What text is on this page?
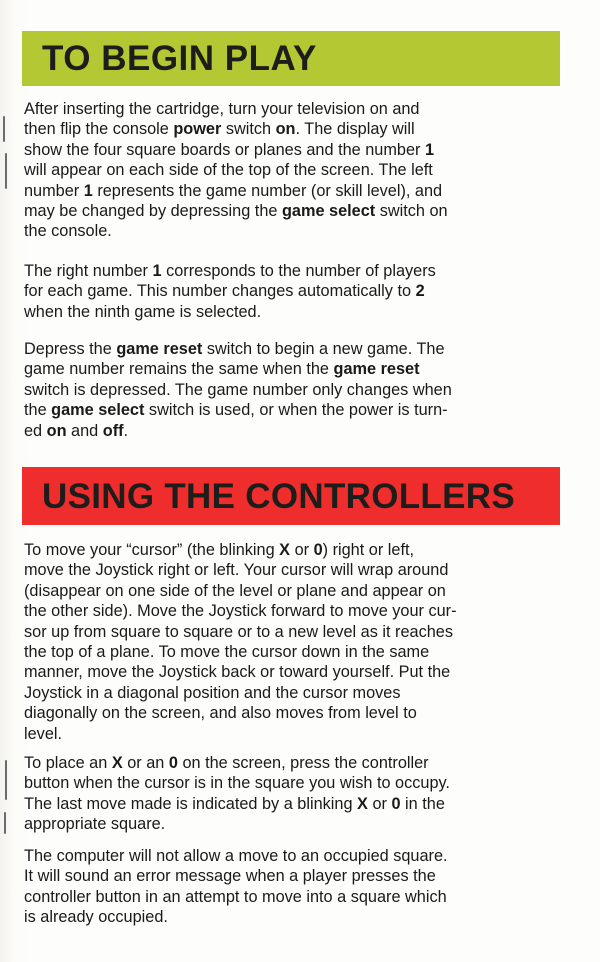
TO BEGIN PLAY

After inserting the cartridge, turn your television on and
then flip the console power switch on. The display will
show the four square boards or planes and the number 1
will appear on each side of the top of the screen. The left
number 1 represents the game number (or skill level), and
may be changed by depressing the game select switch on
the console.

The right number 1 corresponds to the number of players
for each game. This number changes automatically to 2
when the ninth game is selected.

Depress the game reset switch to begin a new game. The
game number remains the same when the game reset
switch is depressed. The game number only changes when
the game select switch is used, or when the power is turn-
ed on and off.

USING THE CONTROLLERS

To move your “cursor” (the blinking X or 0) right or left,
move the Joystick right or left. Your cursor will wrap around
(disappear on one side of the level or plane and appear on
the other side). Move the Joystick forward to move your cur-
sor up from square to square or to a new level as it reaches
the top of a plane. To move the cursor down in the same
manner, move the Joystick back or toward yourself. Put the
Joystick in a diagonal position and the cursor moves
diagonally on the screen, and also moves from level to
level.

To place an X or an 0 on the screen, press the controller
button when the cursor is in the square you wish to occupy.
The last move made is indicated by a blinking X or 0 in the
appropriate square.

The computer will not allow a move to an occupied square.
It will sound an error message when a player presses the
controller button in an attempt to move into a square which
is already occupied.
